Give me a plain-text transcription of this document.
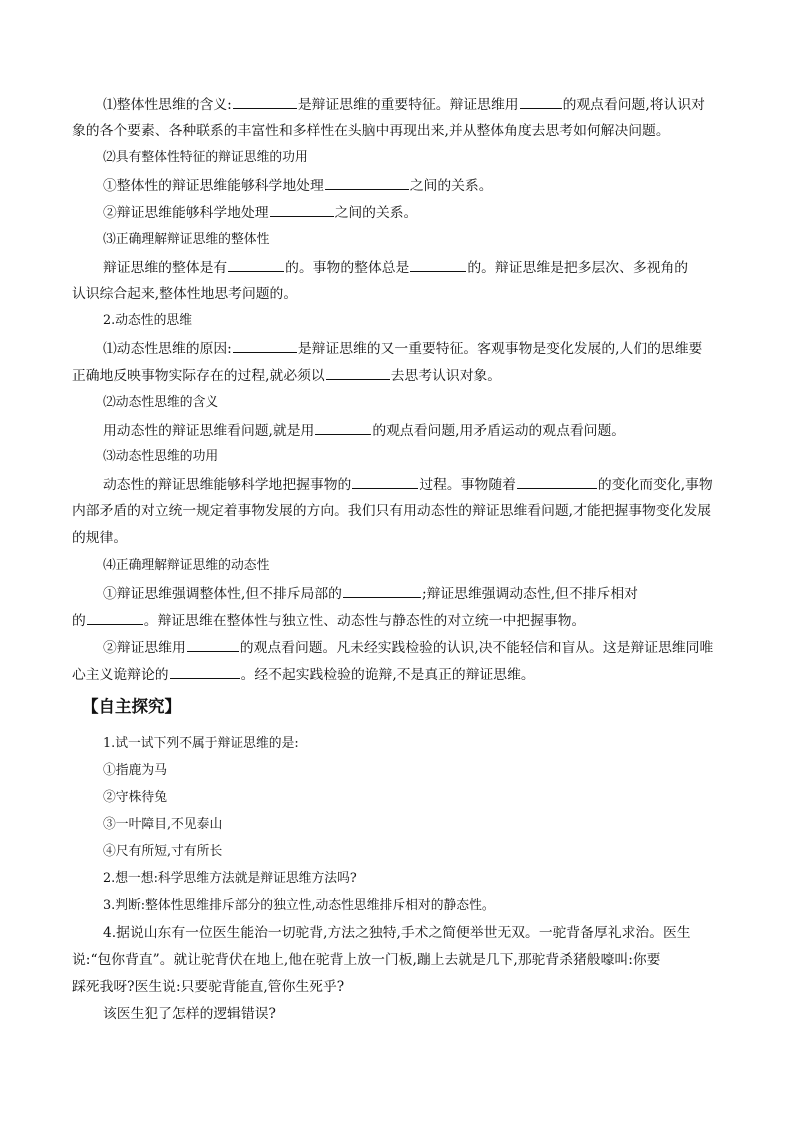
⑴整体性思维的含义:	是辩证思维的重要特征。辩证思维用	的观点看问题,将认识对
象的各个要素、各种联系的丰富性和多样性在头脑中再现出来,并从整体角度去思考如何解决问题。
⑵具有整体性特征的辩证思维的功用
①整体性的辩证思维能够科学地处理	之间的关系。
②辩证思维能够科学地处理	之间的关系。
⑶正确理解辩证思维的整体性
辩证思维的整体是有	的。事物的整体总是	的。辩证思维是把多层次、多视角的
认识综合起来,整体性地思考问题的。
2.动态性的思维
⑴动态性思维的原因:	是辩证思维的又一重要特征。客观事物是变化发展的,人们的思维要
正确地反映事物实际存在的过程,就必须以	去思考认识对象。
⑵动态性思维的含义
用动态性的辩证思维看问题,就是用	的观点看问题,用矛盾运动的观点看问题。
⑶动态性思维的功用
动态性的辩证思维能够科学地把握事物的	过程。事物随着	的变化而变化,事物
内部矛盾的对立统一规定着事物发展的方向。我们只有用动态性的辩证思维看问题,才能把握事物变化发展
的规律。
⑷正确理解辩证思维的动态性
①辩证思维强调整体性,但不排斥局部的	;辩证思维强调动态性,但不排斥相对
的	。辩证思维在整体性与独立性、动态性与静态性的对立统一中把握事物。
②辩证思维用	的观点看问题。凡未经实践检验的认识,决不能轻信和盲从。这是辩证思维同唯
心主义诡辩论的	。经不起实践检验的诡辩,不是真正的辩证思维。
【自主探究】
1.试一试下列不属于辩证思维的是:
①指鹿为马
②守株待兔
③一叶障目,不见泰山
④尺有所短,寸有所长
2.想一想:科学思维方法就是辩证思维方法吗?
3.判断:整体性思维排斥部分的独立性,动态性思维排斥相对的静态性。
4.据说山东有一位医生能治一切驼背,方法之独特,手术之简便举世无双。一驼背备厚礼求治。医生
说:“包你背直”。就让驼背伏在地上,他在驼背上放一门板,蹦上去就是几下,那驼背杀猪般嚎叫:你要
踩死我呀?医生说:只要驼背能直,管你生死乎?
该医生犯了怎样的逻辑错误?
